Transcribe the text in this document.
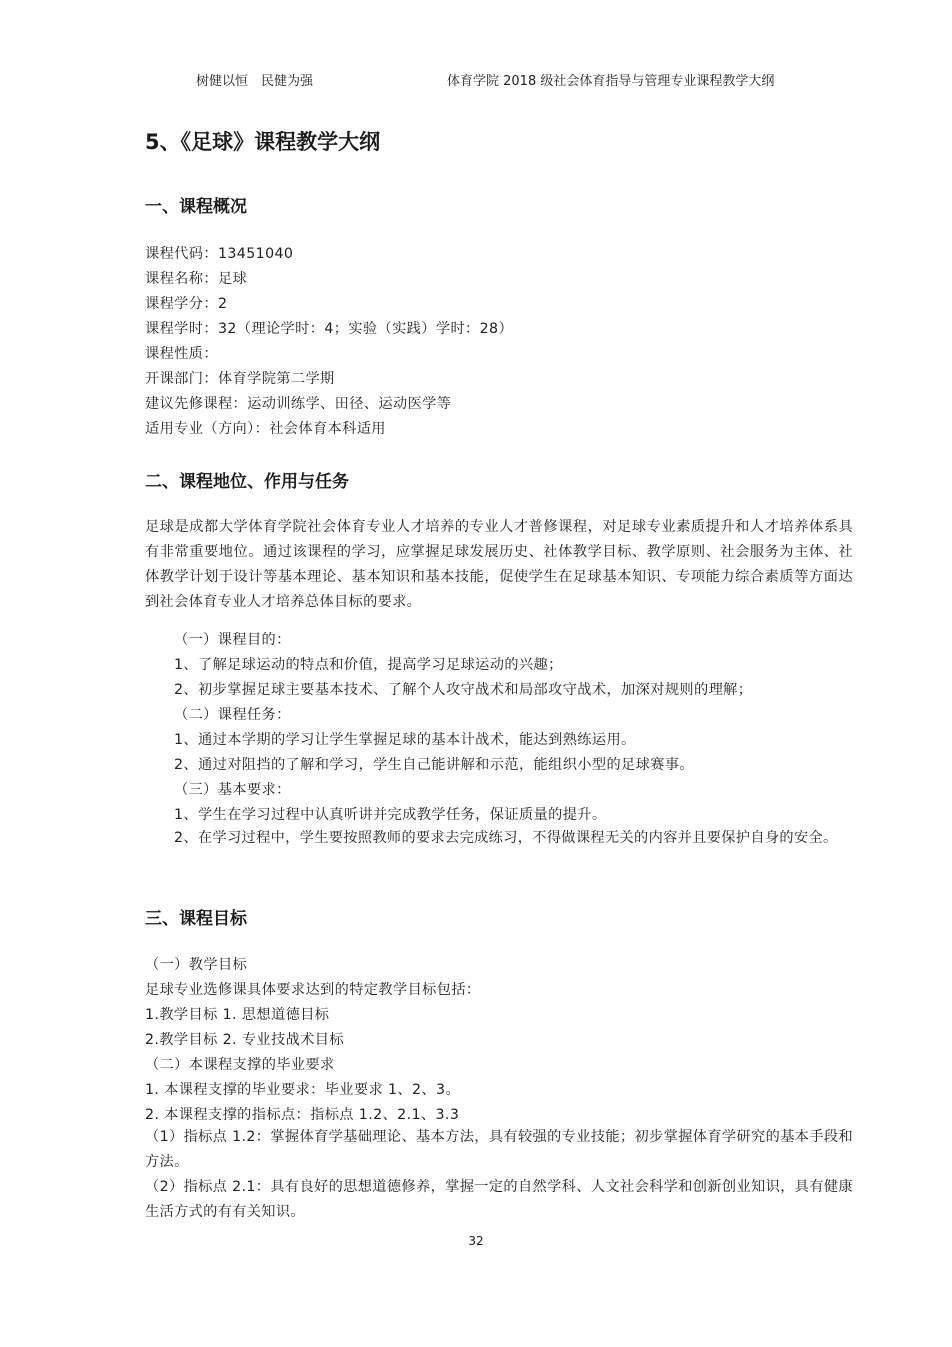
树健以恒　民健为强	体育学院 2018 级社会体育指导与管理专业课程教学大纲
5、《足球》课程教学大纲
一、课程概况
课程代码：13451040
课程名称：足球
课程学分：2
课程学时：32（理论学时：4；实验（实践）学时：28）
课程性质：
开课部门：体育学院第二学期
建议先修课程：运动训练学、田径、运动医学等
适用专业（方向）：社会体育本科适用
二、课程地位、作用与任务
足球是成都大学体育学院社会体育专业人才培养的专业人才普修课程，对足球专业素质提升和人才培养体系具有非常重要地位。通过该课程的学习，应掌握足球发展历史、社体教学目标、教学原则、社会服务为主体、社体教学计划于设计等基本理论、基本知识和基本技能，促使学生在足球基本知识、专项能力综合素质等方面达到社会体育专业人才培养总体目标的要求。
（一）课程目的：
1、了解足球运动的特点和价值，提高学习足球运动的兴趣；
2、初步掌握足球主要基本技术、了解个人攻守战术和局部攻守战术，加深对规则的理解；
（二）课程任务：
1、通过本学期的学习让学生掌握足球的基本计战术，能达到熟练运用。
2、通过对阻挡的了解和学习，学生自己能讲解和示范，能组织小型的足球赛事。
（三）基本要求：
1、学生在学习过程中认真听讲并完成教学任务，保证质量的提升。
2、在学习过程中，学生要按照教师的要求去完成练习，不得做课程无关的内容并且要保护自身的安全。
三、课程目标
（一）教学目标
足球专业选修课具体要求达到的特定教学目标包括：
1.教学目标 1. 思想道德目标
2.教学目标 2. 专业技战术目标
（二）本课程支撑的毕业要求
1. 本课程支撑的毕业要求：毕业要求 1、2、3。
2. 本课程支撑的指标点：指标点 1.2、2.1、3.3
（1）指标点 1.2：掌握体育学基础理论、基本方法，具有较强的专业技能；初步掌握体育学研究的基本手段和方法。
（2）指标点 2.1：具有良好的思想道德修养，掌握一定的自然学科、人文社会科学和创新创业知识，具有健康生活方式的有有关知识。
32
